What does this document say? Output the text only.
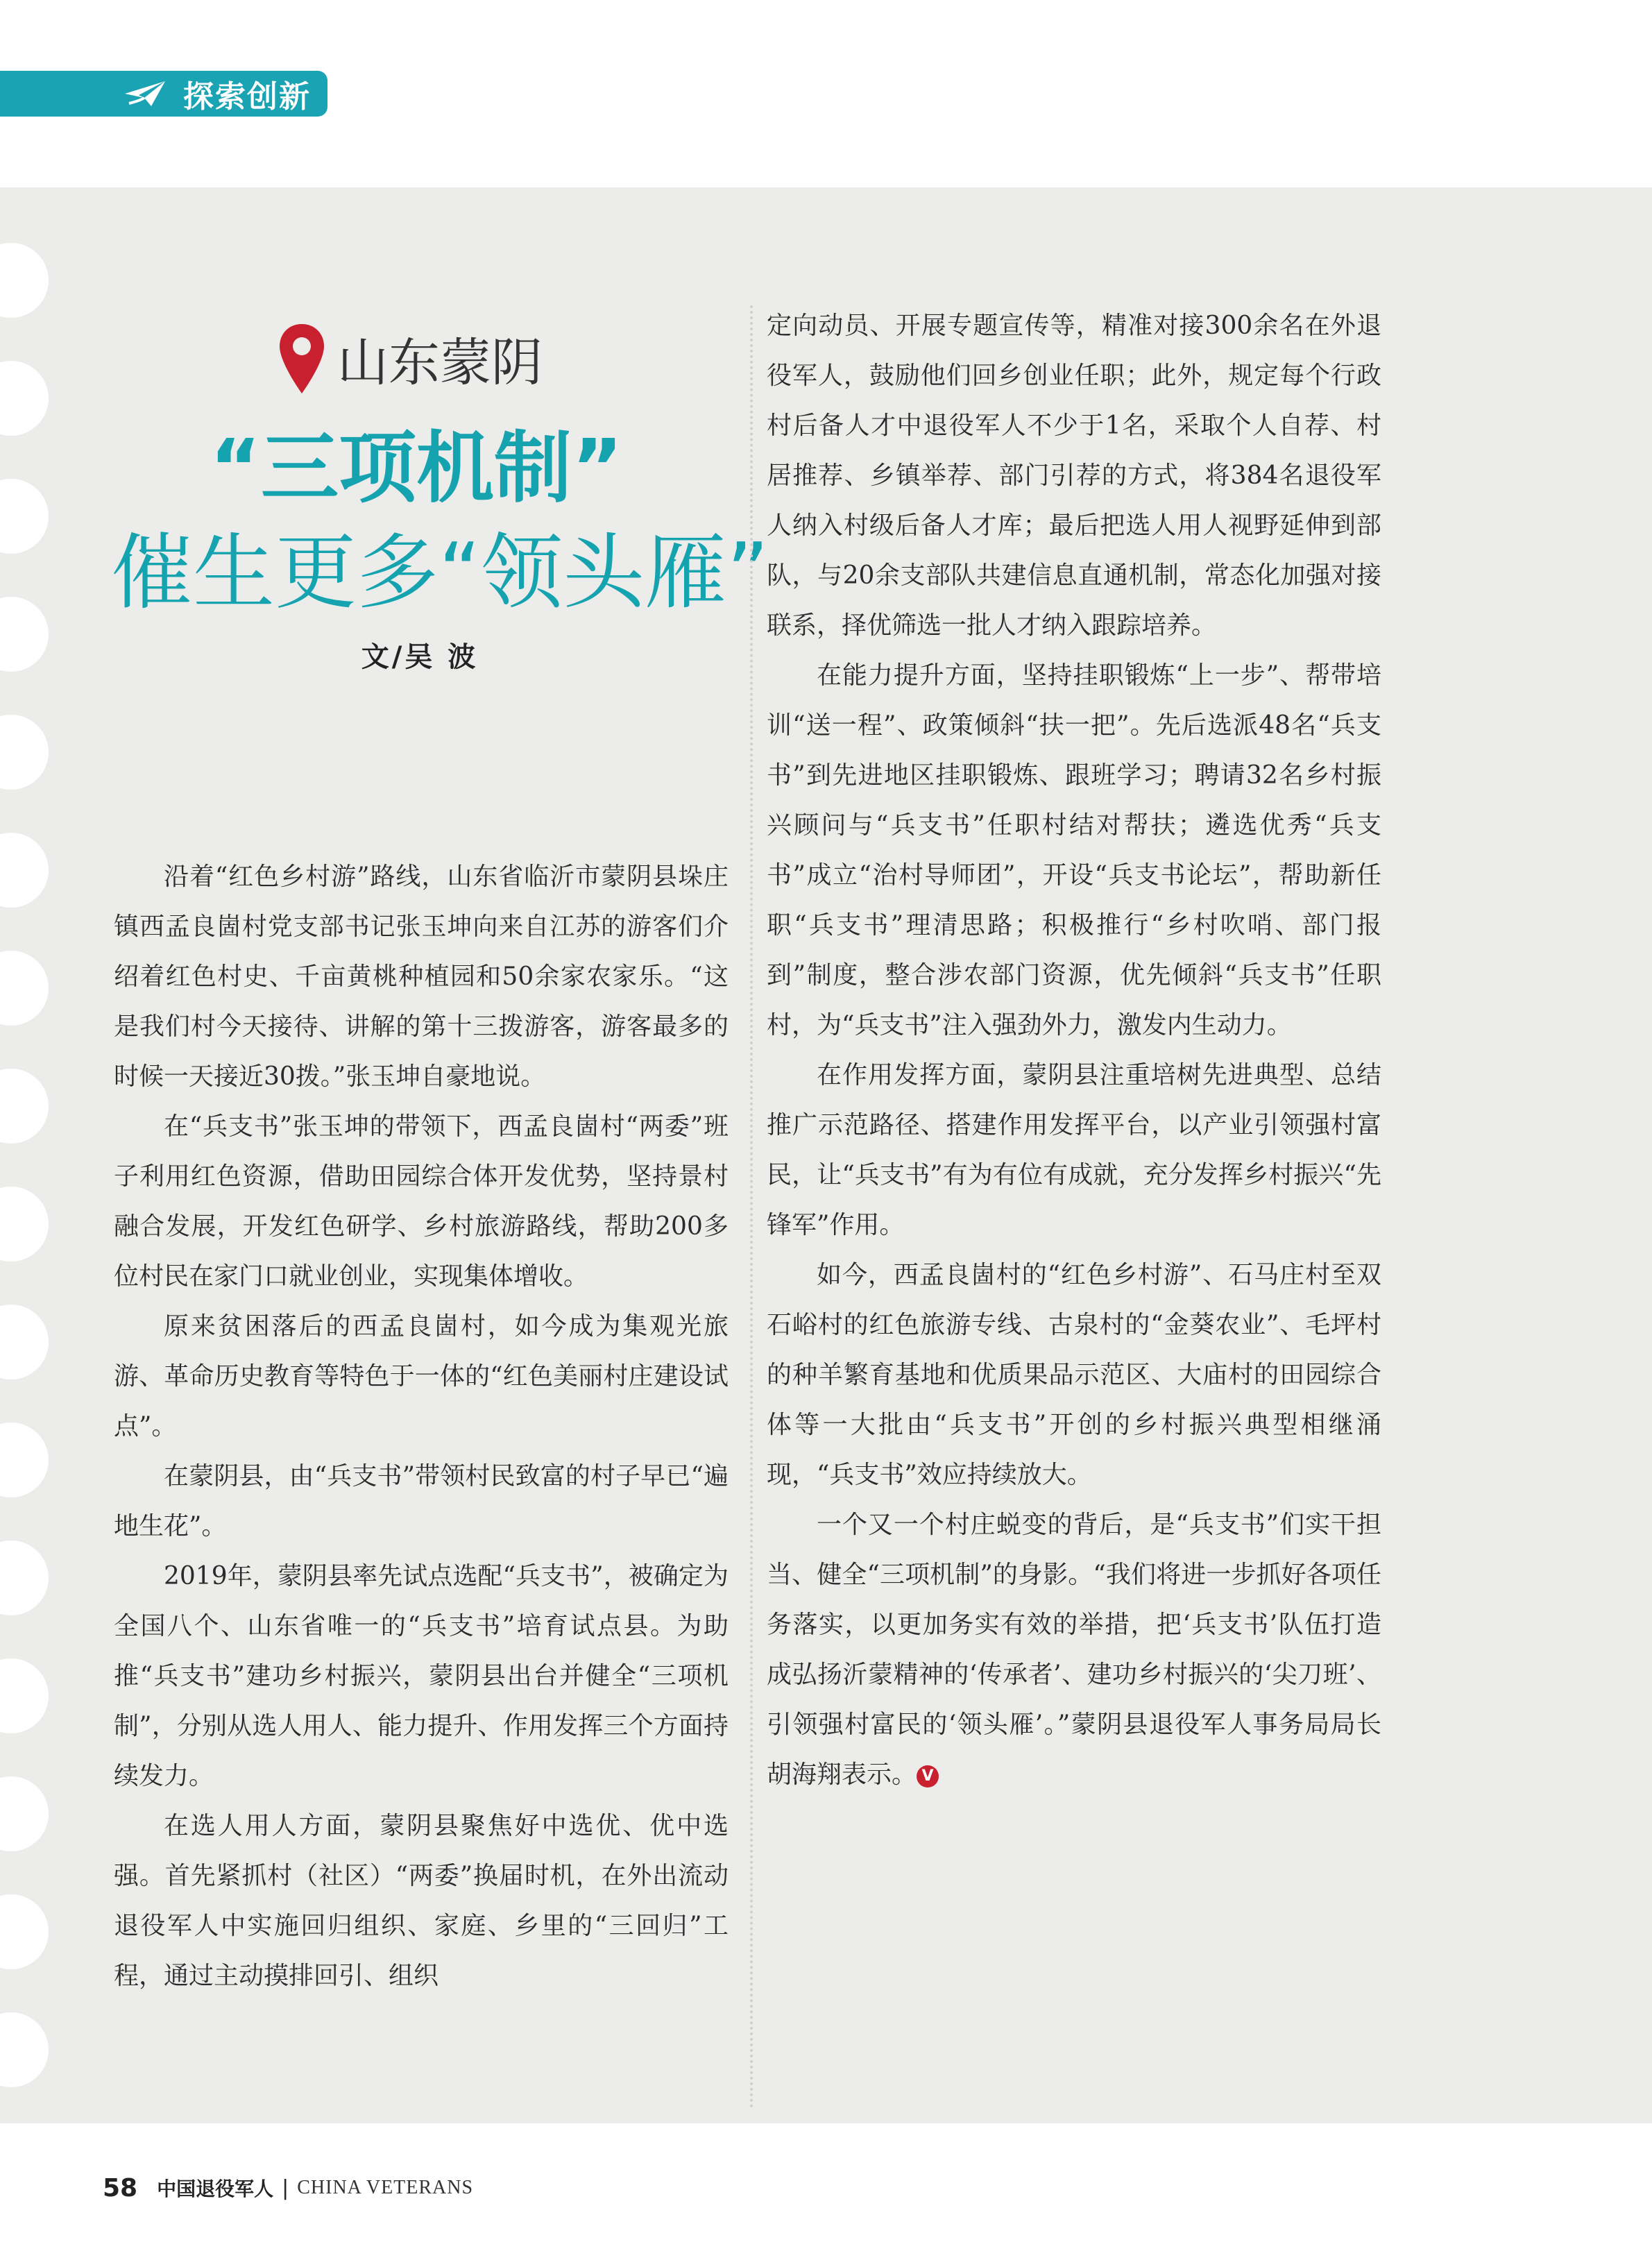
探索创新
山东蒙阴
“三项机制”
催生更多“领头雁”
文/吴 波

沿着“红色乡村游”路线，山东省临沂市蒙阴县垛庄镇西孟良崮村党支部书记张玉坤向来自江苏的游客们介绍着红色村史、千亩黄桃种植园和50余家农家乐。“这是我们村今天接待、讲解的第十三拨游客，游客最多的时候一天接近30拨。”张玉坤自豪地说。

在“兵支书”张玉坤的带领下，西孟良崮村“两委”班子利用红色资源，借助田园综合体开发优势，坚持景村融合发展，开发红色研学、乡村旅游路线，帮助200多位村民在家门口就业创业，实现集体增收。

原来贫困落后的西孟良崮村，如今成为集观光旅游、革命历史教育等特色于一体的“红色美丽村庄建设试点”。

在蒙阴县，由“兵支书”带领村民致富的村子早已“遍地生花”。

2019年，蒙阴县率先试点选配“兵支书”，被确定为全国八个、山东省唯一的“兵支书”培育试点县。为助推“兵支书”建功乡村振兴，蒙阴县出台并健全“三项机制”，分别从选人用人、能力提升、作用发挥三个方面持续发力。

在选人用人方面，蒙阴县聚焦好中选优、优中选强。首先紧抓村（社区）“两委”换届时机，在外出流动退役军人中实施回归组织、家庭、乡里的“三回归”工程，通过主动摸排回引、组织

定向动员、开展专题宣传等，精准对接300余名在外退役军人，鼓励他们回乡创业任职；此外，规定每个行政村后备人才中退役军人不少于1名，采取个人自荐、村居推荐、乡镇举荐、部门引荐的方式，将384名退役军人纳入村级后备人才库；最后把选人用人视野延伸到部队，与20余支部队共建信息直通机制，常态化加强对接联系，择优筛选一批人才纳入跟踪培养。

在能力提升方面，坚持挂职锻炼“上一步”、帮带培训“送一程”、政策倾斜“扶一把”。先后选派48名“兵支书”到先进地区挂职锻炼、跟班学习；聘请32名乡村振兴顾问与“兵支书”任职村结对帮扶；遴选优秀“兵支书”成立“治村导师团”，开设“兵支书论坛”，帮助新任职“兵支书”理清思路；积极推行“乡村吹哨、部门报到”制度，整合涉农部门资源，优先倾斜“兵支书”任职村，为“兵支书”注入强劲外力，激发内生动力。

在作用发挥方面，蒙阴县注重培树先进典型、总结推广示范路径、搭建作用发挥平台，以产业引领强村富民，让“兵支书”有为有位有成就，充分发挥乡村振兴“先锋军”作用。

如今，西孟良崮村的“红色乡村游”、石马庄村至双石峪村的红色旅游专线、古泉村的“金葵农业”、毛坪村的种羊繁育基地和优质果品示范区、大庙村的田园综合体等一大批由“兵支书”开创的乡村振兴典型相继涌现，“兵支书”效应持续放大。

一个又一个村庄蜕变的背后，是“兵支书”们实干担当、健全“三项机制”的身影。“我们将进一步抓好各项任务落实，以更加务实有效的举措，把‘兵支书’队伍打造成弘扬沂蒙精神的‘传承者’、建功乡村振兴的‘尖刀班’、引领强村富民的‘领头雁’。”蒙阴县退役军人事务局局长胡海翔表示。 V

58 中国退役军人 | CHINA VETERANS
